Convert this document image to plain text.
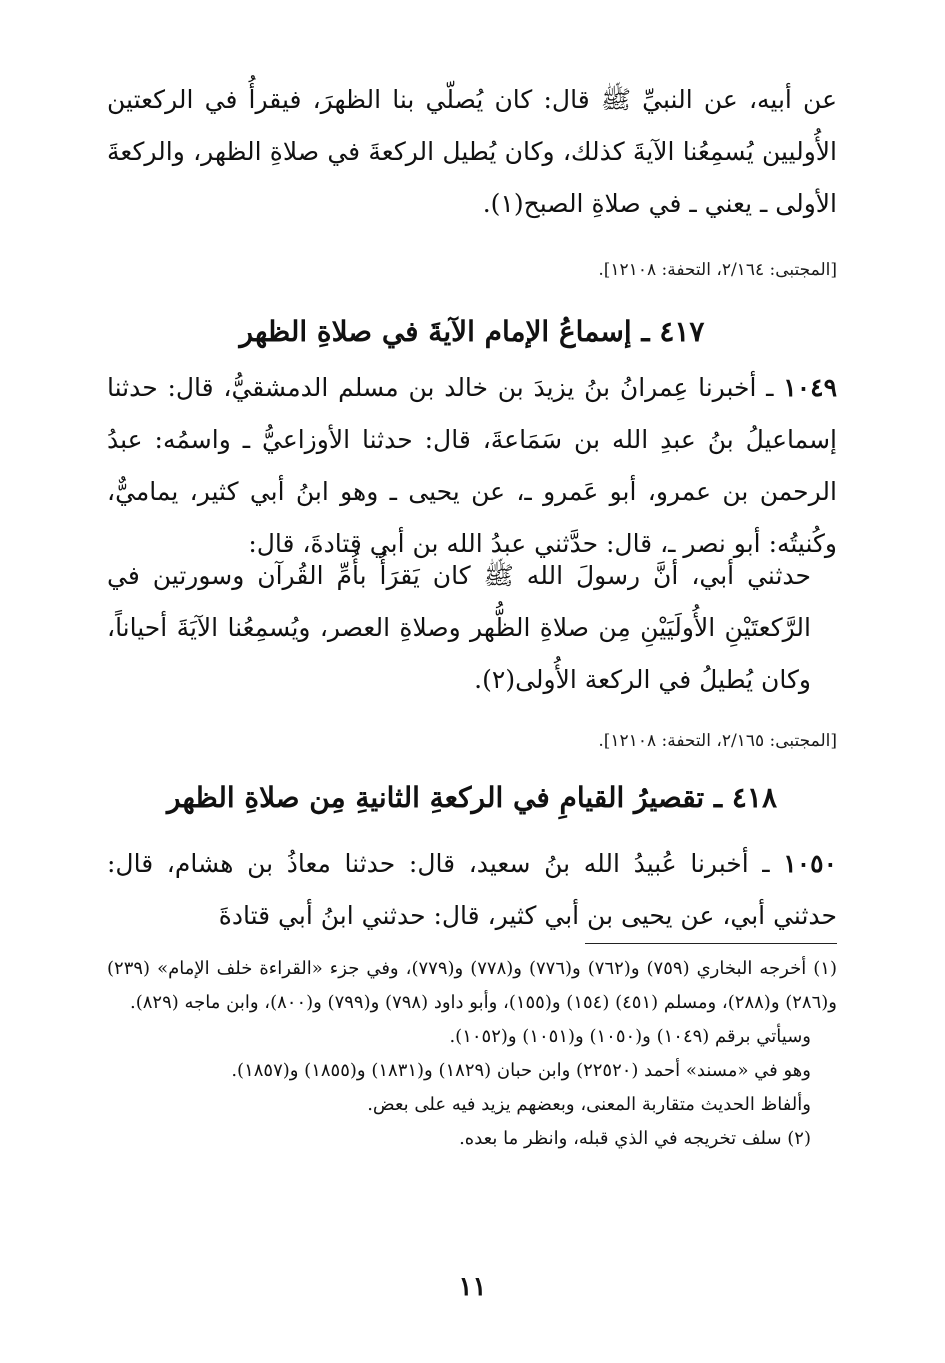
عن أبيه، عن النبيِّ ﷺ قال: كان يُصلّي بنا الظهرَ، فيقرأُ في الركعتين الأُوليين يُسمِعُنا الآيةَ كذلك، وكان يُطيل الركعةَ في صلاةِ الظهر، والركعةَ الأولى ـ يعني ـ في صلاةِ الصبح(١).

[المجتبى: ٢/١٦٤، التحفة: ١٢١٠٨].
٤١٧ ـ إسماعُ الإمام الآيةَ في صلاةِ الظهر

١٠٤٩ ـ أخبرنا عِمرانُ بنُ يزيدَ بن خالد بن مسلم الدمشقيُّ، قال: حدثنا إسماعيلُ بنُ عبدِ الله بن سَمَاعةَ، قال: حدثنا الأوزاعيُّ ـ واسمُه: عبدُ الرحمن بن عمرو، أبو عَمرو ـ، عن يحيى ـ وهو ابنُ أبي كثير، يماميٌّ، وكُنيتُه: أبو نصر ـ، قال: حدَّثني عبدُ الله بن أبي قتادةَ، قال:

حدثني أبي، أنَّ رسولَ الله ﷺ كان يَقرَأُ بأُمِّ القُرآن وسورتين في الرَّكعتَيْنِ الأُولَيَيْنِ مِن صلاةِ الظُّهر وصلاةِ العصر، ويُسمِعُنا الآيَةَ أحياناً، وكان يُطيلُ في الركعة الأُولى(٢).

[المجتبى: ٢/١٦٥، التحفة: ١٢١٠٨].
٤١٨ ـ تقصيرُ القيامِ في الركعةِ الثانيةِ مِن صلاةِ الظهر

١٠٥٠ ـ أخبرنا عُبيدُ الله بنُ سعيد، قال: حدثنا معاذُ بن هشام، قال: حدثني أبي، عن يحيى بن أبي كثير، قال: حدثني ابنُ أبي قتادةَ

(١) أخرجه البخاري (٧٥٩) و(٧٦٢) و(٧٧٦) و(٧٧٨) و(٧٧٩)، وفي جزء «القراءة خلف الإمام» (٢٣٩) و(٢٨٦) و(٢٨٨)، ومسلم (٤٥١) (١٥٤) و(١٥٥)، وأبو داود (٧٩٨) و(٧٩٩) و(٨٠٠)، وابن ماجه (٨٢٩).

وسيأتي برقم (١٠٤٩) و(١٠٥٠) و(١٠٥١) و(١٠٥٢).

وهو في «مسند» أحمد (٢٢٥٢٠) وابن حبان (١٨٢٩) و(١٨٣١) و(١٨٥٥) و(١٨٥٧).

وألفاظ الحديث متقاربة المعنى، وبعضهم يزيد فيه على بعض.

(٢) سلف تخريجه في الذي قبله، وانظر ما بعده.

١١
